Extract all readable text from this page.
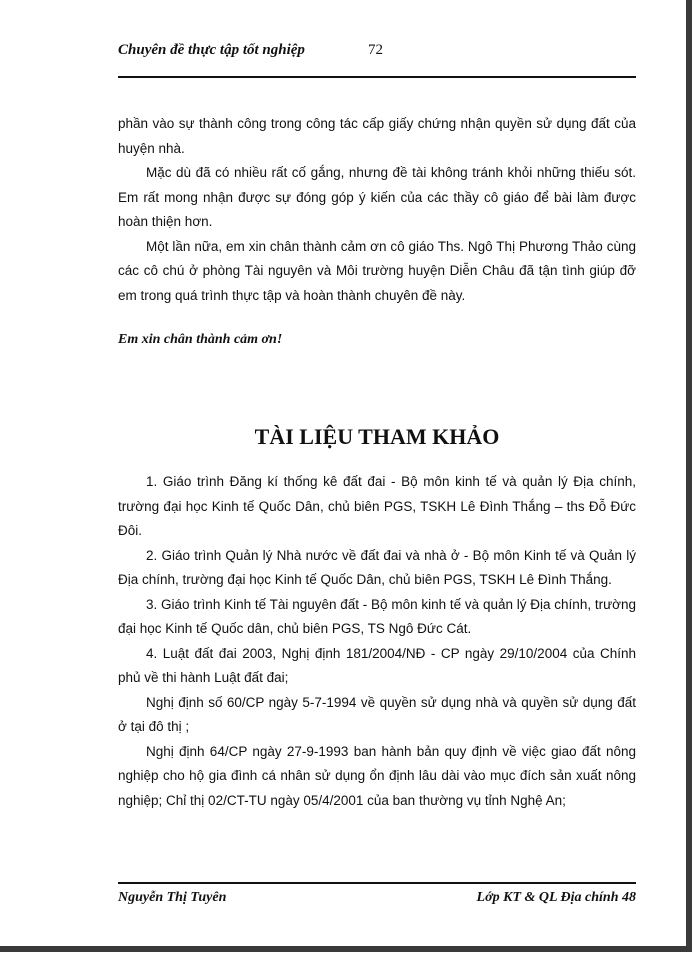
Chuyên đề thực tập tốt nghiệp	72

phần vào sự thành công trong công tác cấp giấy chứng nhận quyền sử dụng đất của huyện nhà.

Mặc dù đã có nhiều rất cố gắng, nhưng đề tài không tránh khỏi những thiếu sót. Em rất mong nhận được sự đóng góp ý kiến của các thầy cô giáo để bài làm được hoàn thiện hơn.

Một lần nữa, em xin chân thành cảm ơn cô giáo Ths. Ngô Thị Phương Thảo cùng các cô chú ở phòng Tài nguyên và Môi trường huyện Diễn Châu đã tận tình giúp đỡ em trong quá trình thực tập và hoàn thành chuyên đề này.

Em xin chân thành cảm ơn!
TÀI LIỆU THAM KHẢO

1. Giáo trình Đăng kí thống kê đất đai - Bộ môn kinh tế và quản lý Địa chính, trường đại học Kinh tế Quốc Dân, chủ biên PGS, TSKH Lê Đình Thắng – ths Đỗ Đức Đôi.

2. Giáo trình Quản lý Nhà nước về đất đai và nhà ở - Bộ môn Kinh tế và Quản lý Địa chính, trường đại học Kinh tế Quốc Dân, chủ biên PGS, TSKH Lê Đình Thắng.

3. Giáo trình Kinh tế Tài nguyên đất - Bộ môn kinh tế và quản lý Địa chính, trường đại học Kinh tế Quốc dân, chủ biên PGS, TS Ngô Đức Cát.

4. Luật đất đai 2003, Nghị định 181/2004/NĐ - CP ngày 29/10/2004 của Chính phủ về thi hành Luật đất đai;

Nghị định số 60/CP ngày 5-7-1994 về quyền sử dụng nhà và quyền sử dụng đất ở tại đô thị ;

Nghị định 64/CP ngày 27-9-1993 ban hành bản quy định về việc giao đất nông nghiệp cho hộ gia đình cá nhân sử dụng ổn định lâu dài vào mục đích sản xuất nông nghiệp; Chỉ thị 02/CT-TU ngày 05/4/2001 của ban thường vụ tỉnh Nghệ An;

Nguyễn Thị Tuyên	Lớp KT & QL Địa chính 48
